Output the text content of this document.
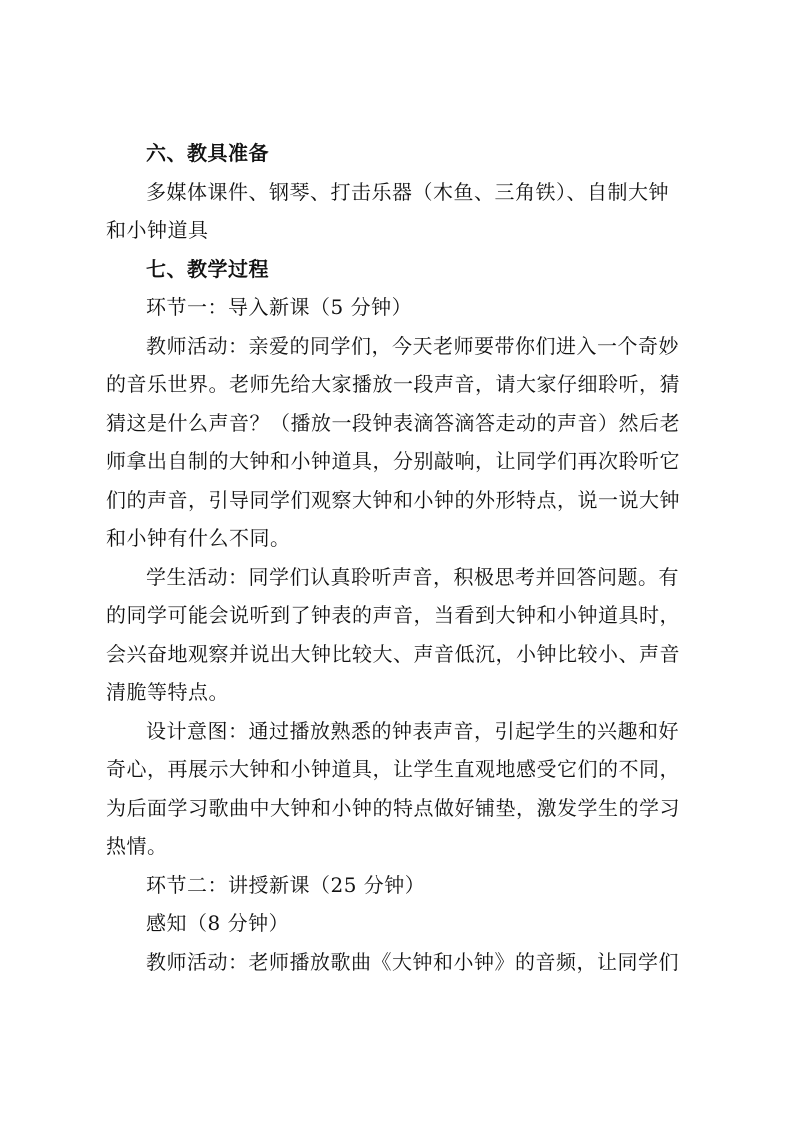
六、教具准备
多媒体课件、钢琴、打击乐器（木鱼、三角铁）、自制大钟
和小钟道具
七、教学过程
环节一：导入新课（5 分钟）
教师活动：亲爱的同学们，今天老师要带你们进入一个奇妙
的音乐世界。老师先给大家播放一段声音，请大家仔细聆听，猜
猜这是什么声音？（播放一段钟表滴答滴答走动的声音）然后老
师拿出自制的大钟和小钟道具，分别敲响，让同学们再次聆听它
们的声音，引导同学们观察大钟和小钟的外形特点，说一说大钟
和小钟有什么不同。
学生活动：同学们认真聆听声音，积极思考并回答问题。有
的同学可能会说听到了钟表的声音，当看到大钟和小钟道具时，
会兴奋地观察并说出大钟比较大、声音低沉，小钟比较小、声音
清脆等特点。
设计意图：通过播放熟悉的钟表声音，引起学生的兴趣和好
奇心，再展示大钟和小钟道具，让学生直观地感受它们的不同，
为后面学习歌曲中大钟和小钟的特点做好铺垫，激发学生的学习
热情。
环节二：讲授新课（25 分钟）
感知（8 分钟）
教师活动：老师播放歌曲《大钟和小钟》的音频，让同学们
